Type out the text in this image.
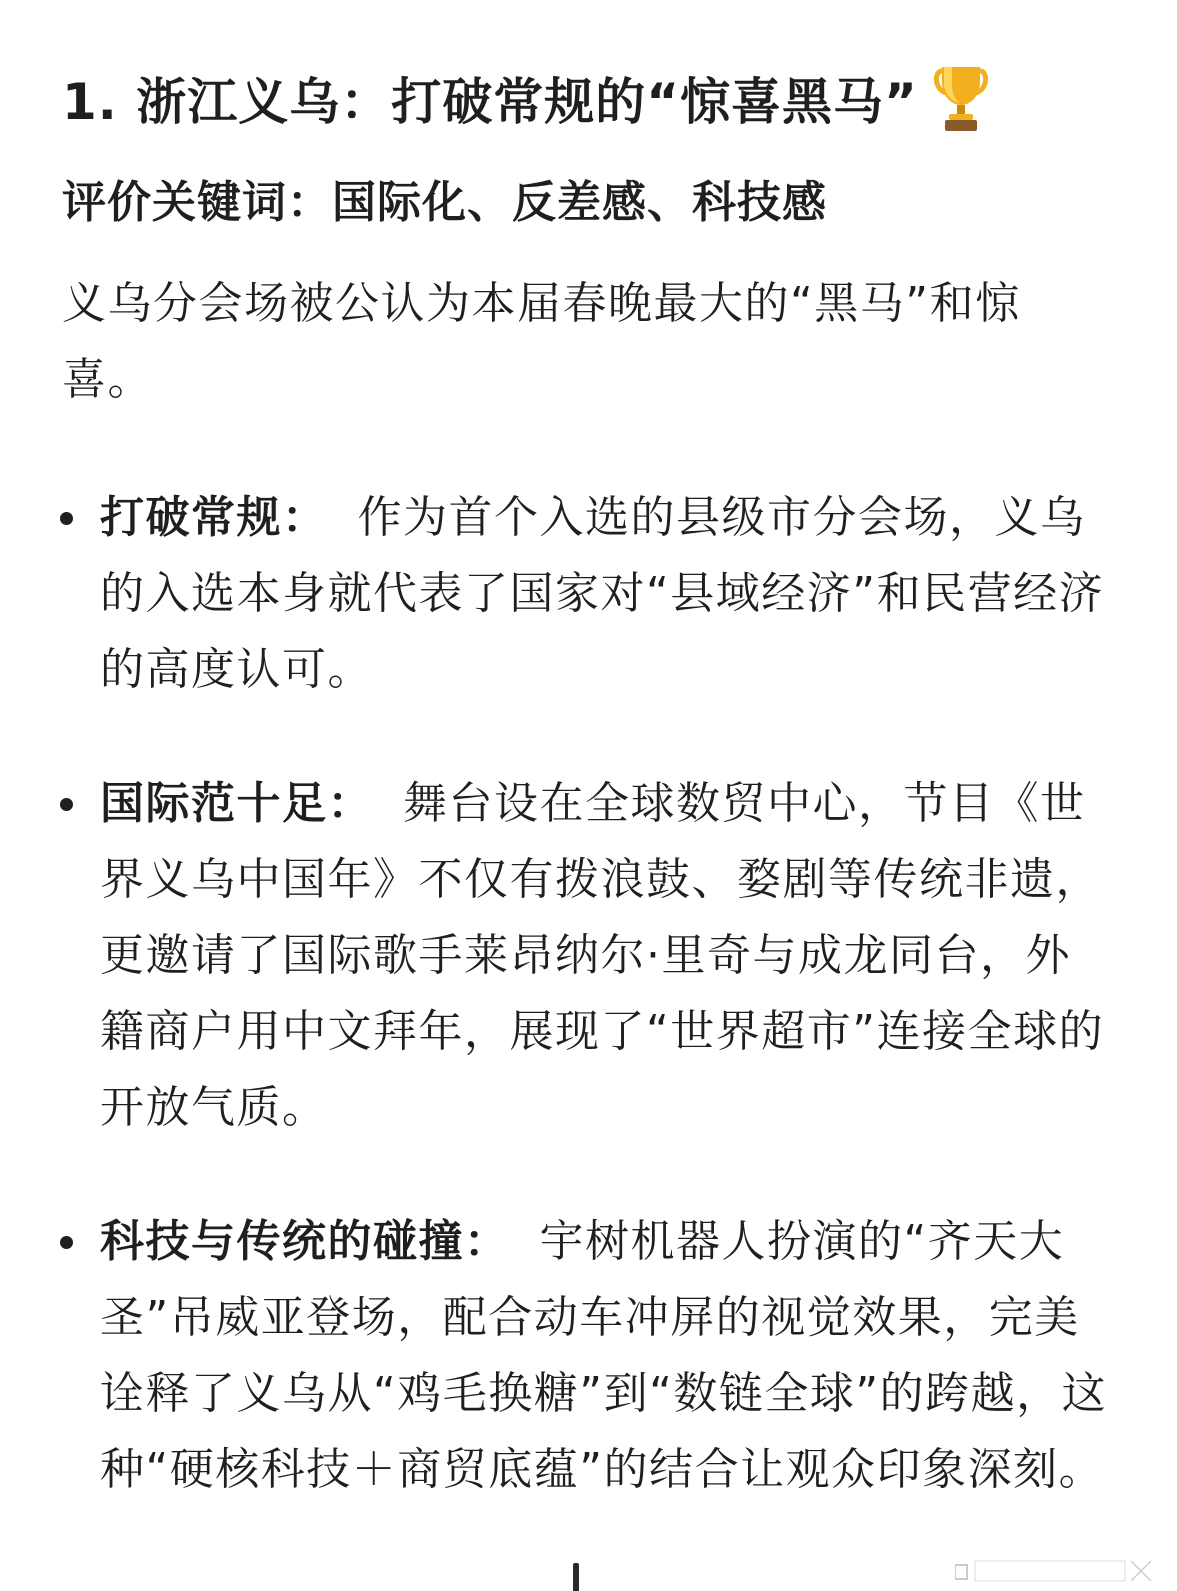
1. 浙江义乌：打破常规的“惊喜黑马”

评价关键词：国际化、反差感、科技感

义乌分会场被公认为本届春晚最大的“黑马”和惊喜。

打破常规： 作为首个入选的县级市分会场，义乌的入选本身就代表了国家对“县域经济”和民营经济的高度认可。
国际范十足： 舞台设在全球数贸中心，节目《世界义乌中国年》不仅有拨浪鼓、婺剧等传统非遗，更邀请了国际歌手莱昂纳尔·里奇与成龙同台，外籍商户用中文拜年，展现了“世界超市”连接全球的开放气质。
科技与传统的碰撞： 宇树机器人扮演的“齐天大圣”吊威亚登场，配合动车冲屏的视觉效果，完美诠释了义乌从“鸡毛换糖”到“数链全球”的跨越，这种“硬核科技＋商贸底蕴”的结合让观众印象深刻。
